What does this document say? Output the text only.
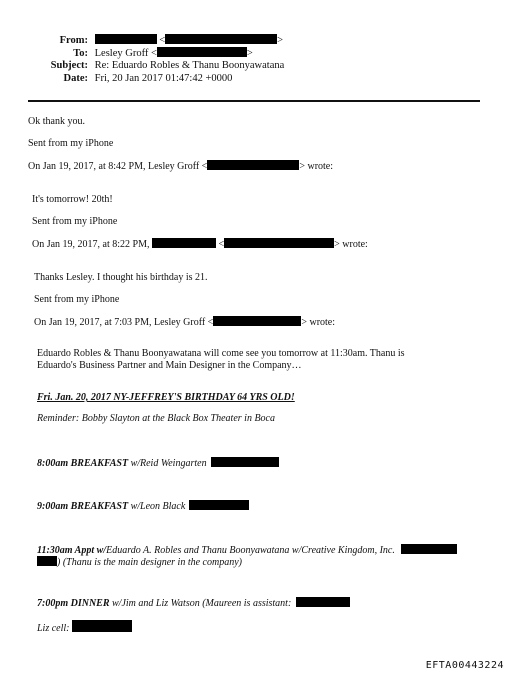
From:	<	>
To: Lesley Groff <	>
Subject: Re: Eduardo Robles & Thanu Boonyawatana
Date: Fri, 20 Jan 2017 01:47:42 +0000
Ok thank you.
Sent from my iPhone
On Jan 19, 2017, at 8:42 PM, Lesley Groff <	> wrote:
It's tomorrow! 20th!
Sent from my iPhone
On Jan 19, 2017, at 8:22 PM,	<	> wrote:
Thanks Lesley. I thought his birthday is 21.
Sent from my iPhone
On Jan 19, 2017, at 7:03 PM, Lesley Groff <	> wrote:
Eduardo Robles & Thanu Boonyawatana will come see you tomorrow at 11:30am. Thanu is
Eduardo's Business Partner and Main Designer in the Company…
Fri. Jan. 20, 2017 NY-JEFFREY'S BIRTHDAY 64 YRS OLD!
Reminder: Bobby Slayton at the Black Box Theater in Boca
8:00am BREAKFAST w/Reid Weingarten
9:00am BREAKFAST w/Leon Black
11:30am Appt w/Eduardo A. Robles and Thanu Boonyawatana w/Creative Kingdom, Inc.
) (Thanu is the main designer in the company)
7:00pm DINNER w/Jim and Liz Watson (Maureen is assistant:
Liz cell:
EFTA00443224
